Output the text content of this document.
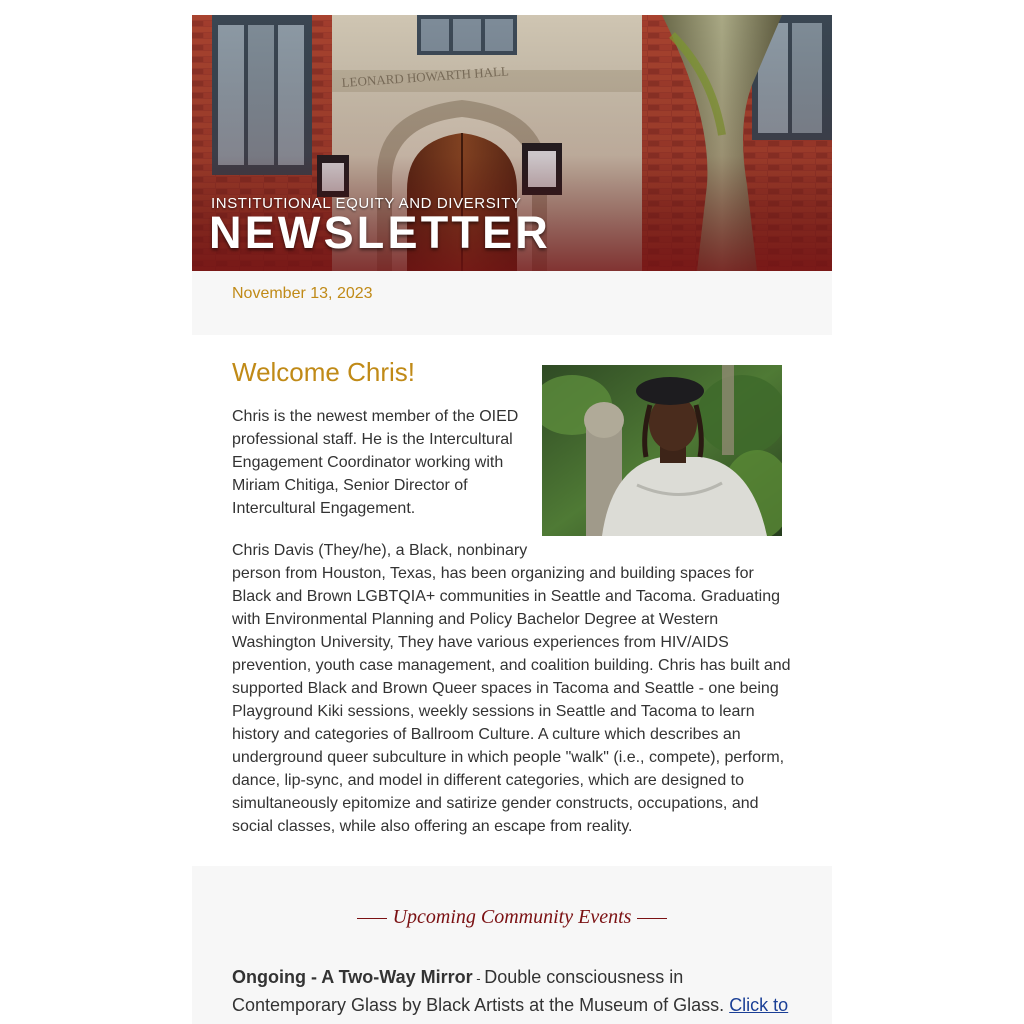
INSTITUTIONAL EQUITY AND DIVERSITY
NEWSLETTER
November 13, 2023
Welcome Chris!

Chris is the newest member of the OIED professional staff. He is the Intercultural Engagement Coordinator working with Miriam Chitiga, Senior Director of Intercultural Engagement.

Chris Davis (They/he), a Black, nonbinary
person from Houston, Texas, has been organizing and building spaces for Black and Brown LGBTQIA+ communities in Seattle and Tacoma. Graduating with Environmental Planning and Policy Bachelor Degree at Western Washington University, They have various experiences from HIV/AIDS prevention, youth case management, and coalition building. Chris has built and supported Black and Brown Queer spaces in Tacoma and Seattle - one being Playground Kiki sessions, weekly sessions in Seattle and Tacoma to learn history and categories of Ballroom Culture. A culture which describes an underground queer subculture in which people "walk" (i.e., compete), perform, dance, lip-sync, and model in different categories, which are designed to simultaneously epitomize and satirize gender constructs, occupations, and social classes, while also offering an escape from reality.

Upcoming Community Events

Ongoing - A Two-Way Mirror - Double consciousness in Contemporary Glass by Black Artists at the Museum of Glass. Click to
